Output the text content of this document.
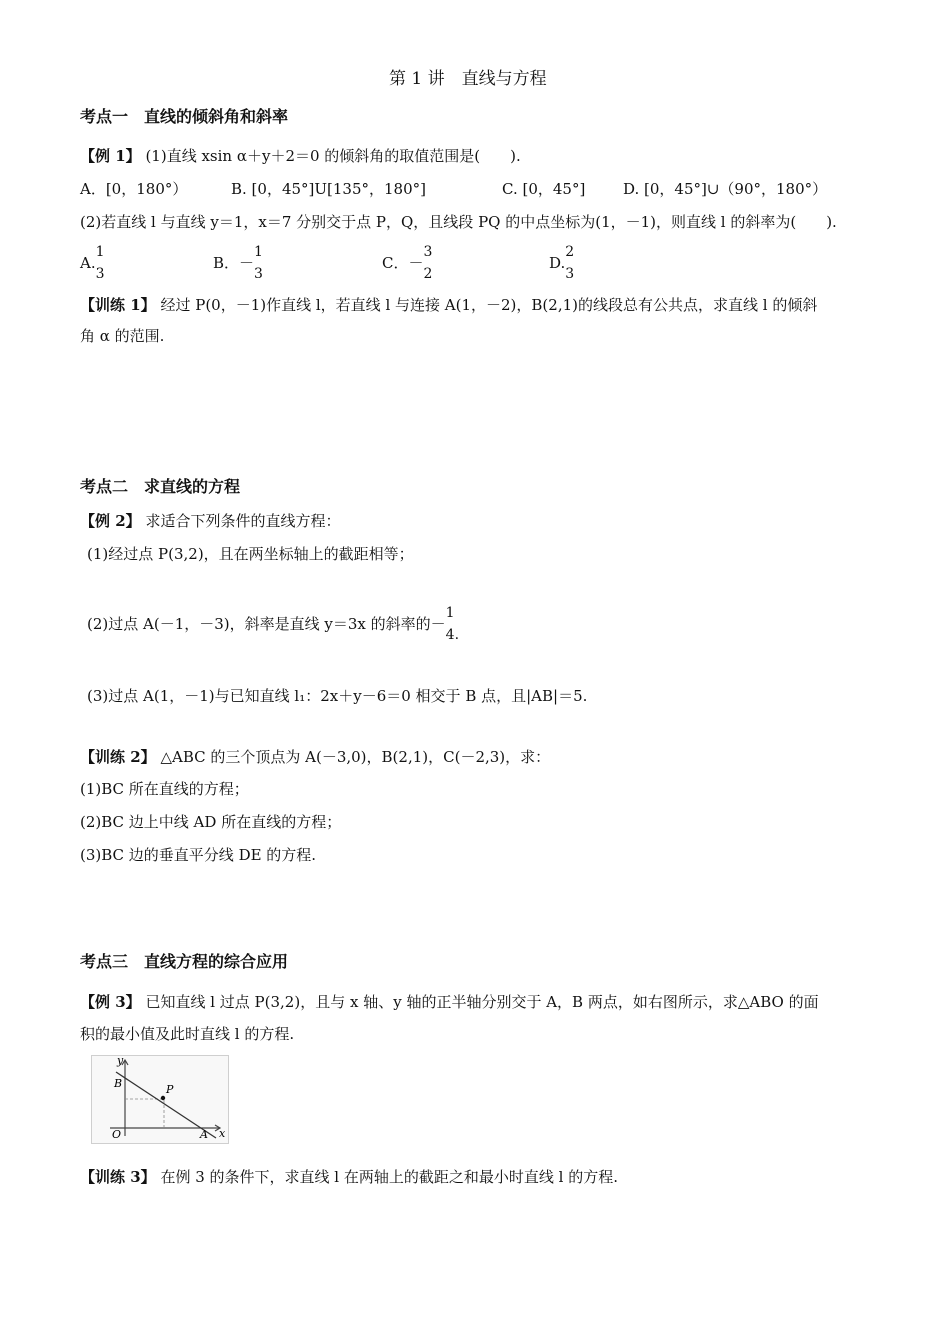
第 1 讲　直线与方程
考点一　直线的倾斜角和斜率
【例 1】 (1)直线 xsin α＋y＋2＝0 的倾斜角的取值范围是(　　).
A．[0，180°）	B. [0，45°]U[135°，180°]	C. [0，45°]	D. [0，45°]∪（90°，180°）
(2)若直线 l 与直线 y＝1，x＝7 分别交于点 P，Q，且线段 PQ 的中点坐标为(1，－1)，则直线 l 的斜率为(　　).
A.
1
3
B．－
1
3
C．－
3
2
D.
2
3
【训练 1】 经过 P(0，－1)作直线 l，若直线 l 与连接 A(1，－2)，B(2,1)的线段总有公共点，求直线 l 的倾斜
角 α 的范围.
考点二　求直线的方程
【例 2】 求适合下列条件的直线方程：
(1)经过点 P(3,2)，且在两坐标轴上的截距相等；
(2)过点 A(－1，－3)，斜率是直线 y＝3x 的斜率的－
1
4.
(3)过点 A(1，－1)与已知直线 l₁：2x＋y－6＝0 相交于 B 点，且|AB|＝5.
【训练 2】 △ABC 的三个顶点为 A(－3,0)，B(2,1)，C(－2,3)，求：
(1)BC 所在直线的方程；
(2)BC 边上中线 AD 所在直线的方程；
(3)BC 边的垂直平分线 DE 的方程.
考点三　直线方程的综合应用
【例 3】 已知直线 l 过点 P(3,2)，且与 x 轴、y 轴的正半轴分别交于 A，B 两点，如右图所示，求△ABO 的面
积的最小值及此时直线 l 的方程.
y
x
O	A
B	P
【训练 3】 在例 3 的条件下，求直线 l 在两轴上的截距之和最小时直线 l 的方程.
